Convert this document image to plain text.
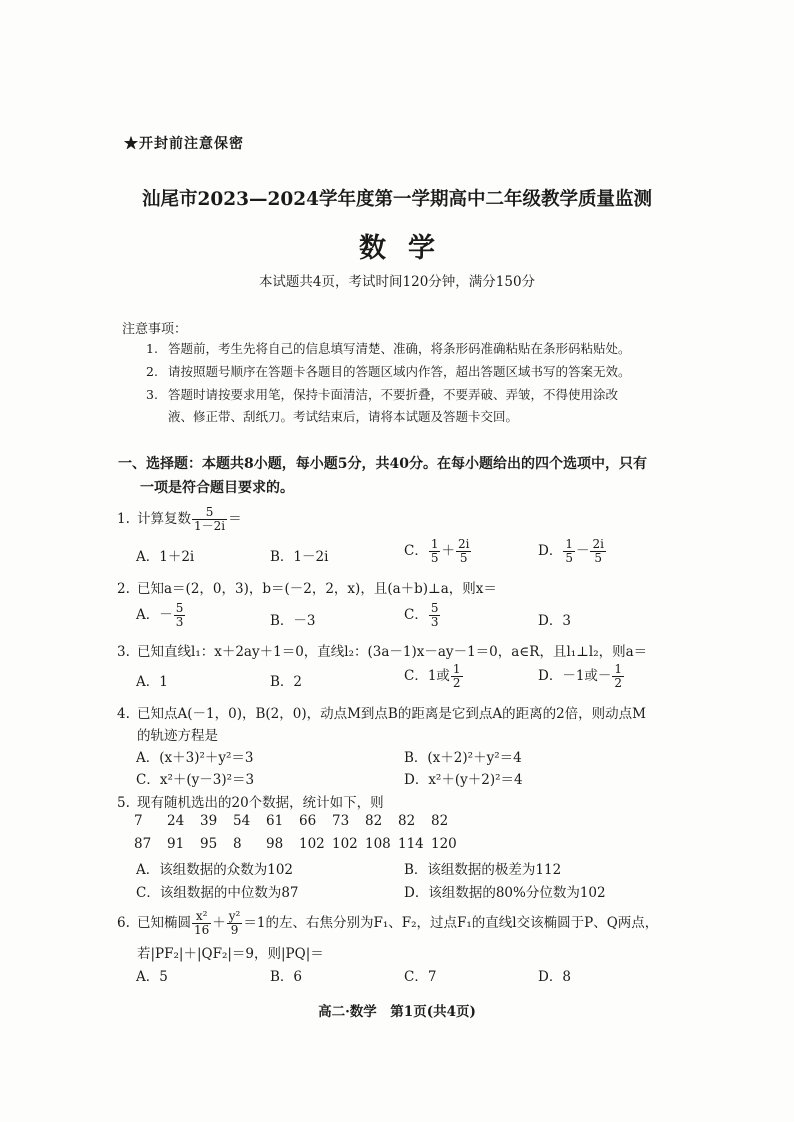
★开封前注意保密
汕尾市2023—2024学年度第一学期高中二年级教学质量监测
数学
本试题共4页，考试时间120分钟，满分150分
注意事项：
1. 答题前，考生先将自己的信息填写清楚、准确，将条形码准确粘贴在条形码粘贴处。
2. 请按照题号顺序在答题卡各题目的答题区域内作答，超出答题区域书写的答案无效。
3. 答题时请按要求用笔，保持卡面清洁，不要折叠，不要弄破、弄皱，不得使用涂改
液、修正带、刮纸刀。考试结束后，请将本试题及答题卡交回。
一、选择题：本题共8小题，每小题5分，共40分。在每小题给出的四个选项中，只有
一项是符合题目要求的。
1. 计算复数 $\frac{5}{1-2i}$ ＝
A．1＋2i	B．1－2i	C． $\frac{1}{5} + \frac{2i}{5}$	D． $\frac{1}{5} - \frac{2i}{5}$
2. 已知a＝(2，0，3)，b＝(－2，2，x)，且(a＋b)⊥a，则x＝
A．－ $\frac{5}{3}$	B．－3	C． $\frac{5}{3}$	D．3
3. 已知直线l₁：x＋2ay＋1＝0，直线l₂：(3a－1)x－ay－1＝0，a∈R，且l₁⊥l₂，则a＝
A．1	B．2	C．1或 $\frac{1}{2}$	D．－1或－ $\frac{1}{2}$
4. 已知点A(－1，0)，B(2，0)，动点M到点B的距离是它到点A的距离的2倍，则动点M
的轨迹方程是
A．(x＋3)²＋y²＝3	B．(x＋2)²＋y²＝4
C．x²＋(y－3)²＝3	D．x²＋(y＋2)²＝4
5. 现有随机选出的20个数据，统计如下，则
7 24 39 54 61 66 73 82 82 82
87 91 95 8 98 102 102 108 114 120
A．该组数据的众数为102	B．该组数据的极差为112
C．该组数据的中位数为87	D．该组数据的80%分位数为102
6. 已知椭圆 $\frac{\text{x²}}{16} + \frac{\text{y²}}{9} =1$的左、右焦分别为F₁、F₂，过点F₁的直线l交该椭圆于P、Q两点，
若|PF₂|＋|QF₂|＝9，则|PQ|＝
A．5	B．6	C．7	D．8
高二·数学　第1页(共4页)
